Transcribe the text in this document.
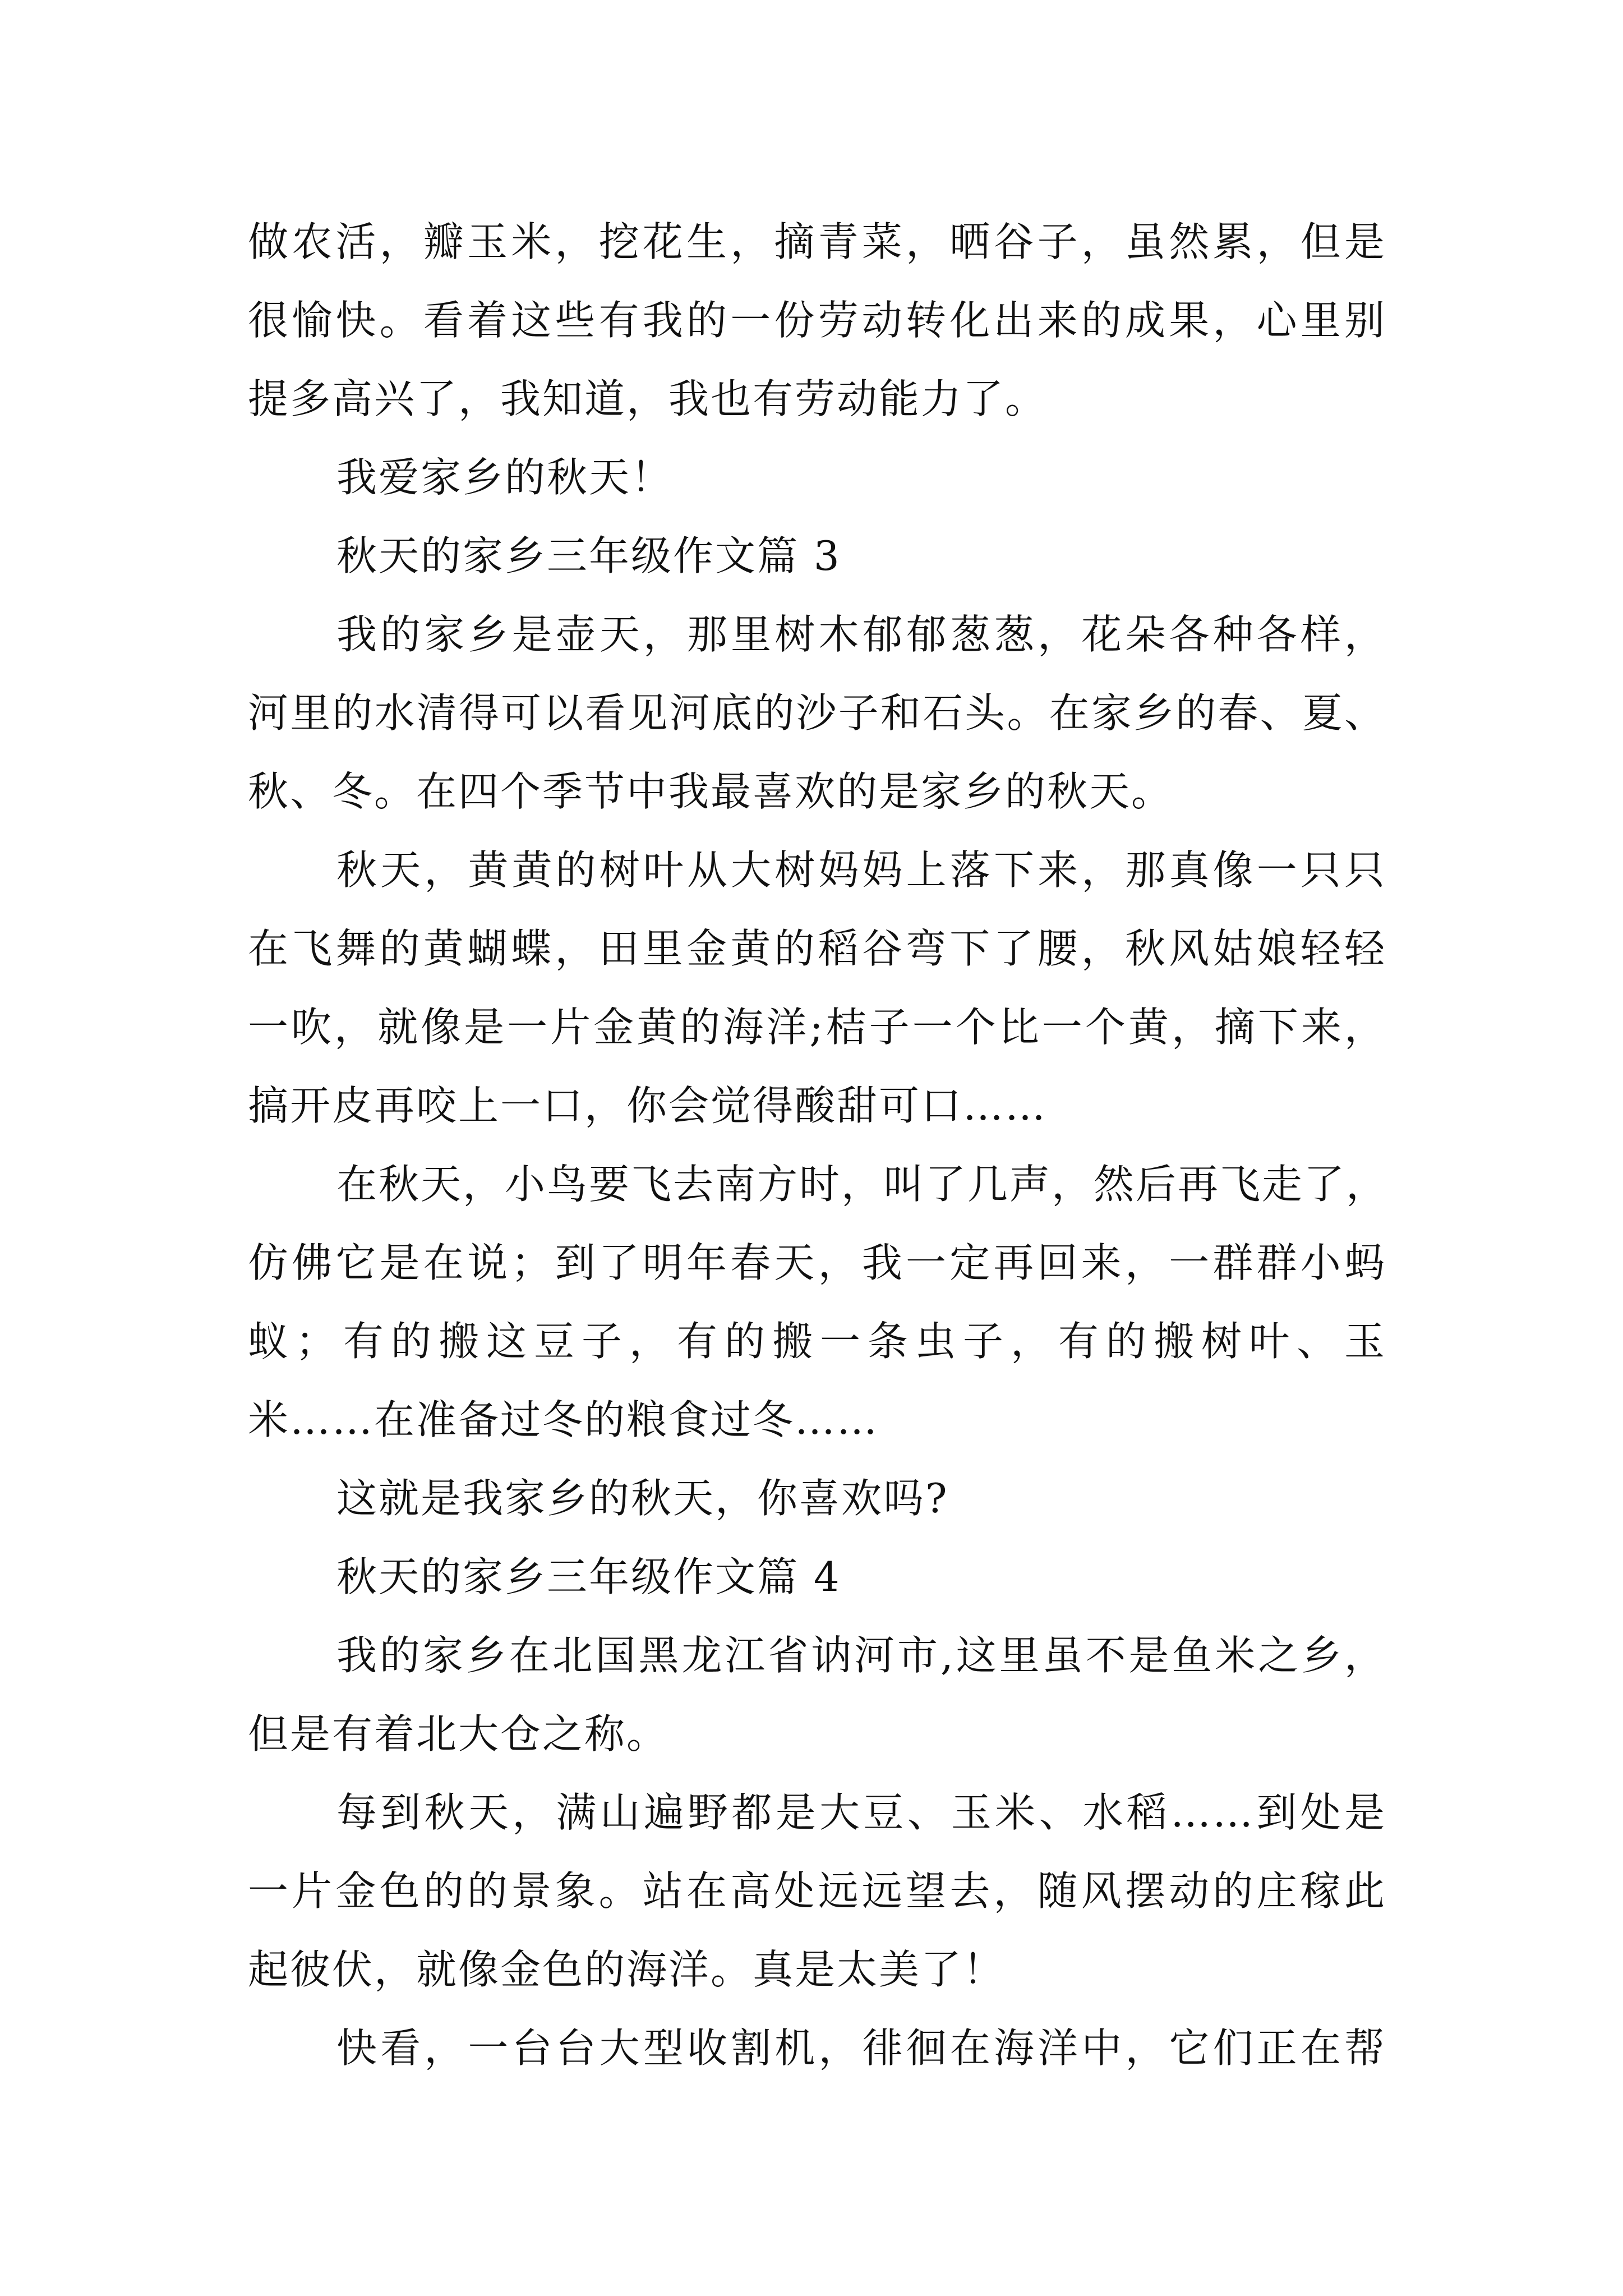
做农活，瓣玉米，挖花生，摘青菜，晒谷子，虽然累，但是
很愉快。看着这些有我的一份劳动转化出来的成果，心里别
提多高兴了，我知道，我也有劳动能力了。
我爱家乡的秋天！
秋天的家乡三年级作文篇 3
我的家乡是壶天，那里树木郁郁葱葱，花朵各种各样，
河里的水清得可以看见河底的沙子和石头。在家乡的春、夏、
秋、冬。在四个季节中我最喜欢的是家乡的秋天。
秋天，黄黄的树叶从大树妈妈上落下来，那真像一只只
在飞舞的黄蝴蝶，田里金黄的稻谷弯下了腰，秋风姑娘轻轻
一吹，就像是一片金黄的海洋;桔子一个比一个黄，摘下来，
搞开皮再咬上一口，你会觉得酸甜可口……
在秋天，小鸟要飞去南方时，叫了几声，然后再飞走了，
仿佛它是在说；到了明年春天，我一定再回来，一群群小蚂
蚁；有的搬这豆子，有的搬一条虫子，有的搬树叶、玉
米……在准备过冬的粮食过冬……
这就是我家乡的秋天，你喜欢吗?
秋天的家乡三年级作文篇 4
我的家乡在北国黑龙江省讷河市,这里虽不是鱼米之乡，
但是有着北大仓之称。
每到秋天，满山遍野都是大豆、玉米、水稻……到处是
一片金色的的景象。站在高处远远望去，随风摆动的庄稼此
起彼伏，就像金色的海洋。真是太美了！
快看，一台台大型收割机，徘徊在海洋中，它们正在帮
